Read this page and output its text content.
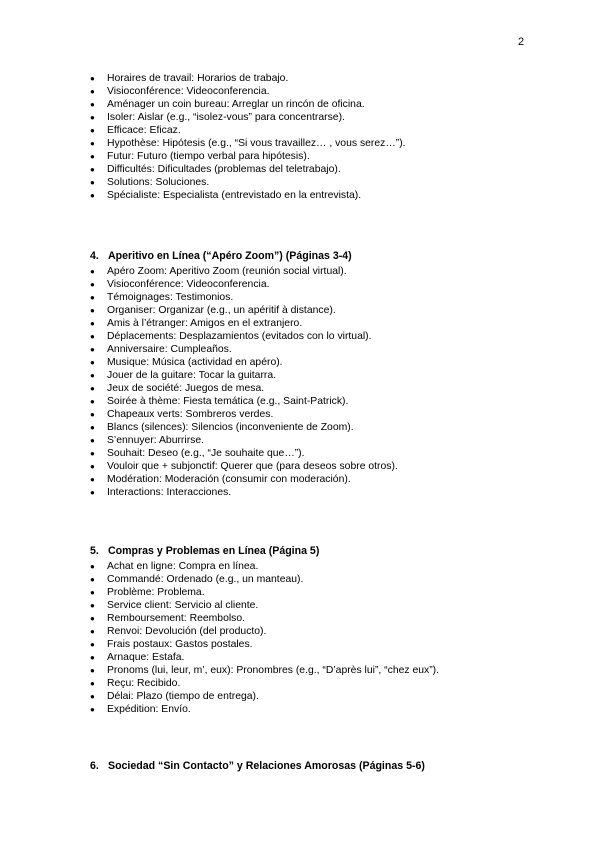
2
●	Horaires de travail: Horarios de trabajo.
●	Visioconférence: Videoconferencia.
●	Aménager un coin bureau: Arreglar un rincón de oficina.
●	Isoler: Aislar (e.g., “isolez-vous” para concentrarse).
●	Efficace: Eficaz.
●	Hypothèse: Hipótesis (e.g., “Si vous travaillez… , vous serez…”).
●	Futur: Futuro (tiempo verbal para hipótesis).
●	Difficultés: Dificultades (problemas del teletrabajo).
●	Solutions: Soluciones.
●	Spécialiste: Especialista (entrevistado en la entrevista).
4. Aperitivo en Línea (“Apéro Zoom”) (Páginas 3-4)
●	Apéro Zoom: Aperitivo Zoom (reunión social virtual).
●	Visioconférence: Videoconferencia.
●	Témoignages: Testimonios.
●	Organiser: Organizar (e.g., un apéritif à distance).
●	Amis à l’étranger: Amigos en el extranjero.
●	Déplacements: Desplazamientos (evitados con lo virtual).
●	Anniversaire: Cumpleaños.
●	Musique: Música (actividad en apéro).
●	Jouer de la guitare: Tocar la guitarra.
●	Jeux de société: Juegos de mesa.
●	Soirée à thème: Fiesta temática (e.g., Saint-Patrick).
●	Chapeaux verts: Sombreros verdes.
●	Blancs (silences): Silencios (inconveniente de Zoom).
●	S’ennuyer: Aburrirse.
●	Souhait: Deseo (e.g., “Je souhaite que…”).
●	Vouloir que + subjonctif: Querer que (para deseos sobre otros).
●	Modération: Moderación (consumir con moderación).
●	Interactions: Interacciones.
5. Compras y Problemas en Línea (Página 5)
●	Achat en ligne: Compra en línea.
●	Commandé: Ordenado (e.g., un manteau).
●	Problème: Problema.
●	Service client: Servicio al cliente.
●	Remboursement: Reembolso.
●	Renvoi: Devolución (del producto).
●	Frais postaux: Gastos postales.
●	Arnaque: Estafa.
●	Pronoms (lui, leur, m’, eux): Pronombres (e.g., “D’après lui”, “chez eux”).
●	Reçu: Recibido.
●	Délai: Plazo (tiempo de entrega).
●	Expédition: Envío.
6. Sociedad “Sin Contacto” y Relaciones Amorosas (Páginas 5-6)
